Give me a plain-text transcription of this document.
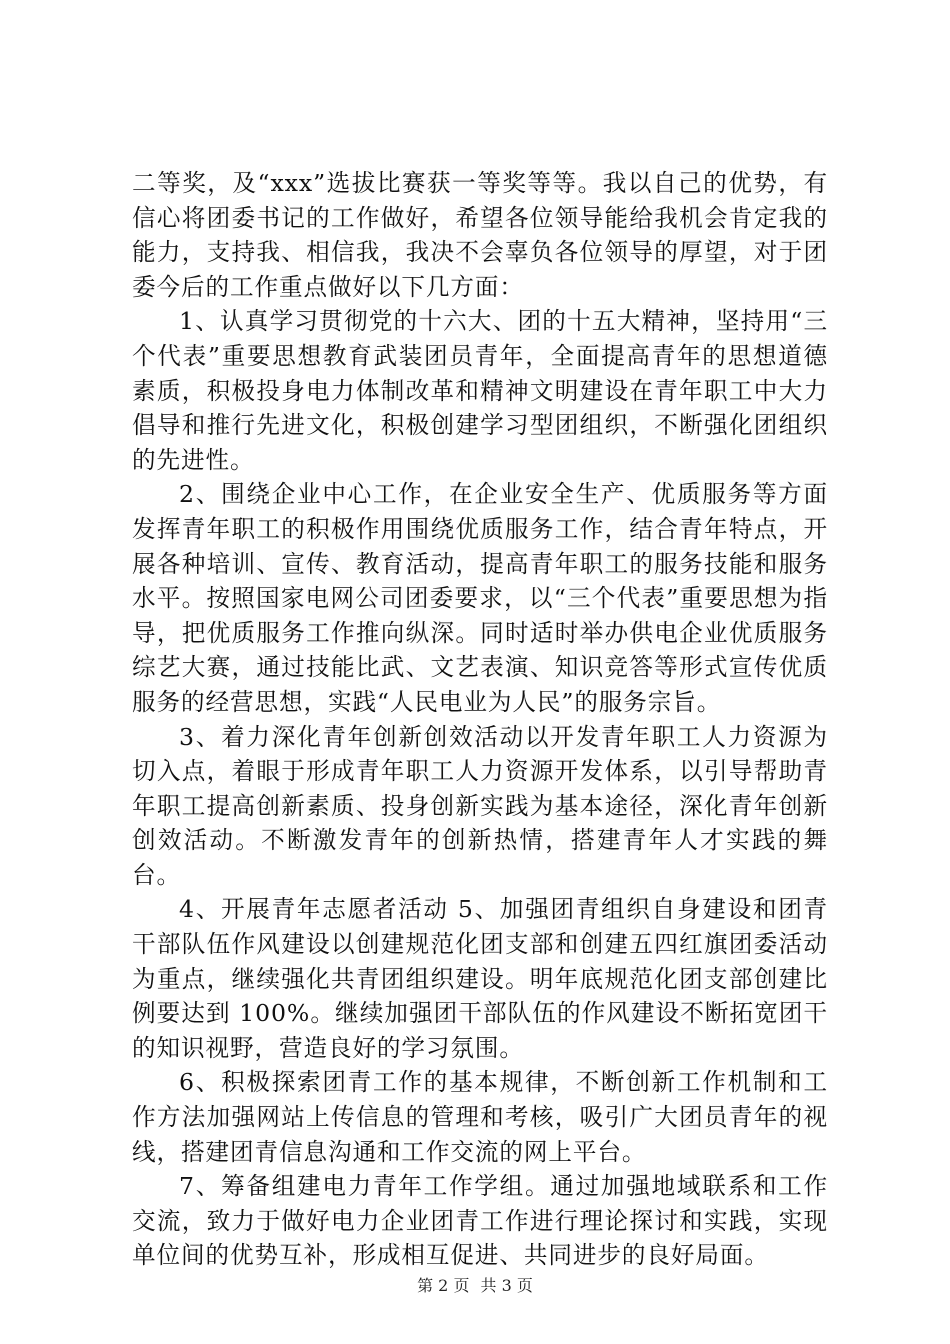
二等奖，及“xxx”选拔比赛获一等奖等等。我以自己的优势，有信心将团委书记的工作做好，希望各位领导能给我机会肯定我的能力，支持我、相信我，我决不会辜负各位领导的厚望，对于团委今后的工作重点做好以下几方面：

1、认真学习贯彻党的十六大、团的十五大精神，坚持用“三个代表”重要思想教育武装团员青年，全面提高青年的思想道德素质，积极投身电力体制改革和精神文明建设在青年职工中大力倡导和推行先进文化，积极创建学习型团组织，不断强化团组织的先进性。

2、围绕企业中心工作，在企业安全生产、优质服务等方面发挥青年职工的积极作用围绕优质服务工作，结合青年特点，开展各种培训、宣传、教育活动，提高青年职工的服务技能和服务水平。按照国家电网公司团委要求，以“三个代表”重要思想为指导，把优质服务工作推向纵深。同时适时举办供电企业优质服务综艺大赛，通过技能比武、文艺表演、知识竞答等形式宣传优质服务的经营思想，实践“人民电业为人民”的服务宗旨。

3、着力深化青年创新创效活动以开发青年职工人力资源为切入点，着眼于形成青年职工人力资源开发体系，以引导帮助青年职工提高创新素质、投身创新实践为基本途径，深化青年创新创效活动。不断激发青年的创新热情，搭建青年人才实践的舞台。

4、开展青年志愿者活动 5、加强团青组织自身建设和团青干部队伍作风建设以创建规范化团支部和创建五四红旗团委活动为重点，继续强化共青团组织建设。明年底规范化团支部创建比例要达到 100%。继续加强团干部队伍的作风建设不断拓宽团干的知识视野，营造良好的学习氛围。

6、积极探索团青工作的基本规律，不断创新工作机制和工作方法加强网站上传信息的管理和考核，吸引广大团员青年的视线，搭建团青信息沟通和工作交流的网上平台。

7、筹备组建电力青年工作学组。通过加强地域联系和工作交流，致力于做好电力企业团青工作进行理论探讨和实践，实现单位间的优势互补，形成相互促进、共同进步的良好局面。

第 2 页 共 3 页
